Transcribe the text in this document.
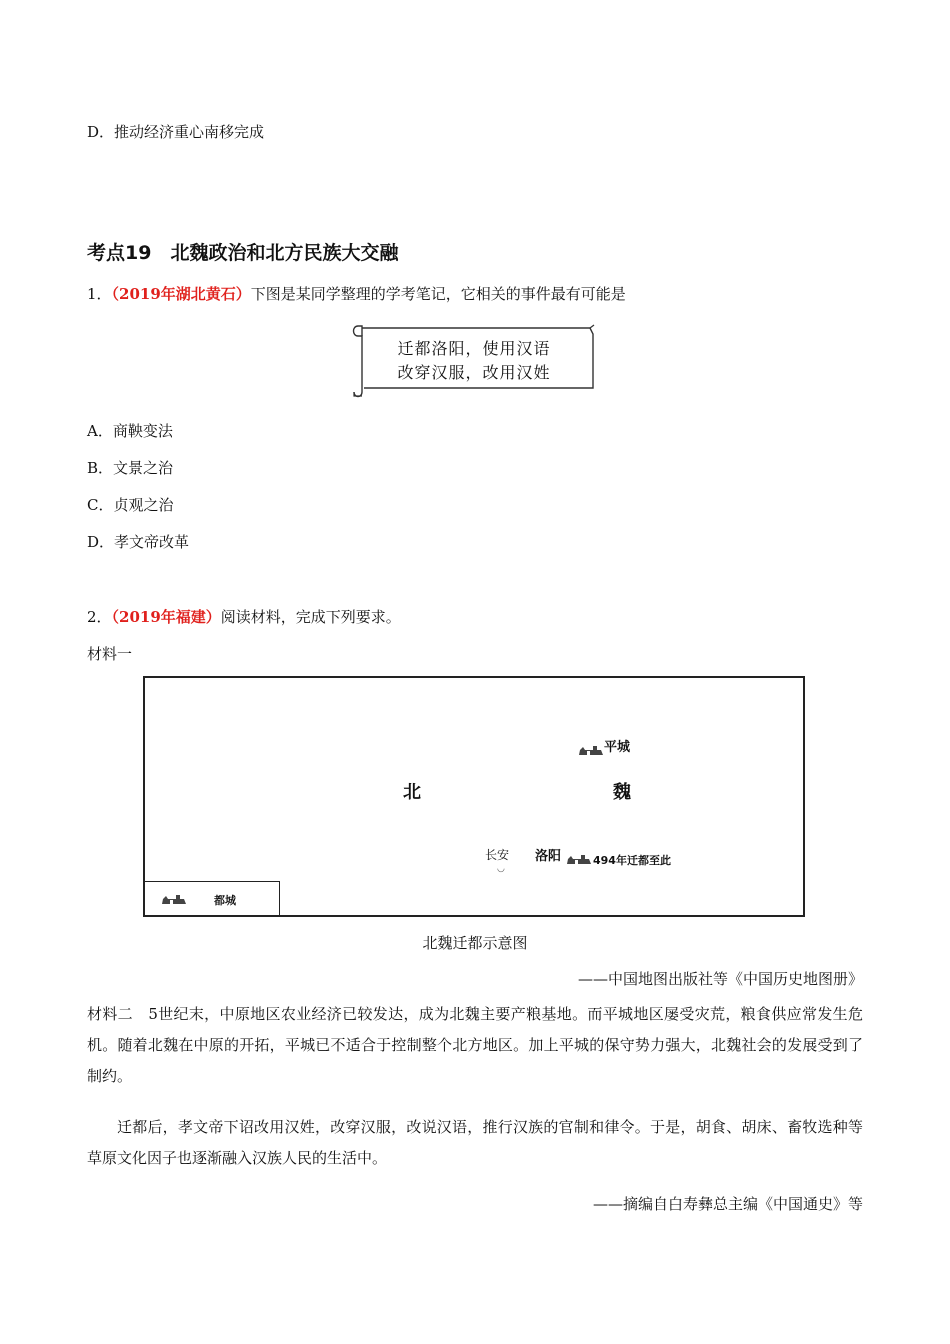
D．推动经济重心南移完成
考点19　北魏政治和北方民族大交融
1．（2019年湖北黄石）下图是某同学整理的学考笔记，它相关的事件最有可能是
迁都洛阳，使用汉语
改穿汉服，改用汉姓
A．商鞅变法
B．文景之治
C．贞观之治
D．孝文帝改革
2．（2019年福建）阅读材料，完成下列要求。
材料一
平城
北	魏
长安
◡
洛阳	494年迁都至此
都城
北魏迁都示意图
——中国地图出版社等《中国历史地图册》
材料二　5世纪末，中原地区农业经济已较发达，成为北魏主要产粮基地。而平城地区屡受灾荒，粮食供应常发生危机。随着北魏在中原的开拓，平城已不适合于控制整个北方地区。加上平城的保守势力强大，北魏社会的发展受到了制约。
迁都后，孝文帝下诏改用汉姓，改穿汉服，改说汉语，推行汉族的官制和律令。于是，胡食、胡床、畜牧选种等草原文化因子也逐渐融入汉族人民的生活中。
——摘编自白寿彝总主编《中国通史》等
